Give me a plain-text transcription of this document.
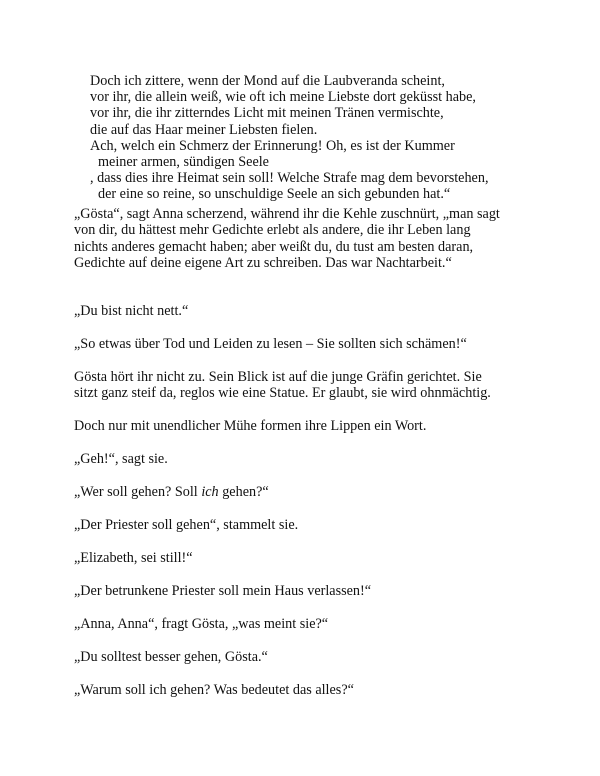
Doch ich zittere, wenn der Mond auf die Laubveranda scheint,
vor ihr, die allein weiß, wie oft ich meine Liebste dort geküsst habe,
vor ihr, die ihr zitterndes Licht mit meinen Tränen vermischte,
die auf das Haar meiner Liebsten fielen.
Ach, welch ein Schmerz der Erinnerung! Oh, es ist der Kummer
meiner armen, sündigen Seele
, dass dies ihre Heimat sein soll! Welche Strafe mag dem bevorstehen,
der eine so reine, so unschuldige Seele an sich gebunden hat.“
„Gösta“, sagt Anna scherzend, während ihr die Kehle zuschnürt, „man sagt
von dir, du hättest mehr Gedichte erlebt als andere, die ihr Leben lang
nichts anderes gemacht haben; aber weißt du, du tust am besten daran,
Gedichte auf deine eigene Art zu schreiben. Das war Nachtarbeit.“

„Du bist nicht nett.“

„So etwas über Tod und Leiden zu lesen – Sie sollten sich schämen!“

Gösta hört ihr nicht zu. Sein Blick ist auf die junge Gräfin gerichtet. Sie
sitzt ganz steif da, reglos wie eine Statue. Er glaubt, sie wird ohnmächtig.

Doch nur mit unendlicher Mühe formen ihre Lippen ein Wort.

„Geh!“, sagt sie.

„Wer soll gehen? Soll ich gehen?“

„Der Priester soll gehen“, stammelt sie.

„Elizabeth, sei still!“

„Der betrunkene Priester soll mein Haus verlassen!“

„Anna, Anna“, fragt Gösta, „was meint sie?“

„Du solltest besser gehen, Gösta.“

„Warum soll ich gehen? Was bedeutet das alles?“
